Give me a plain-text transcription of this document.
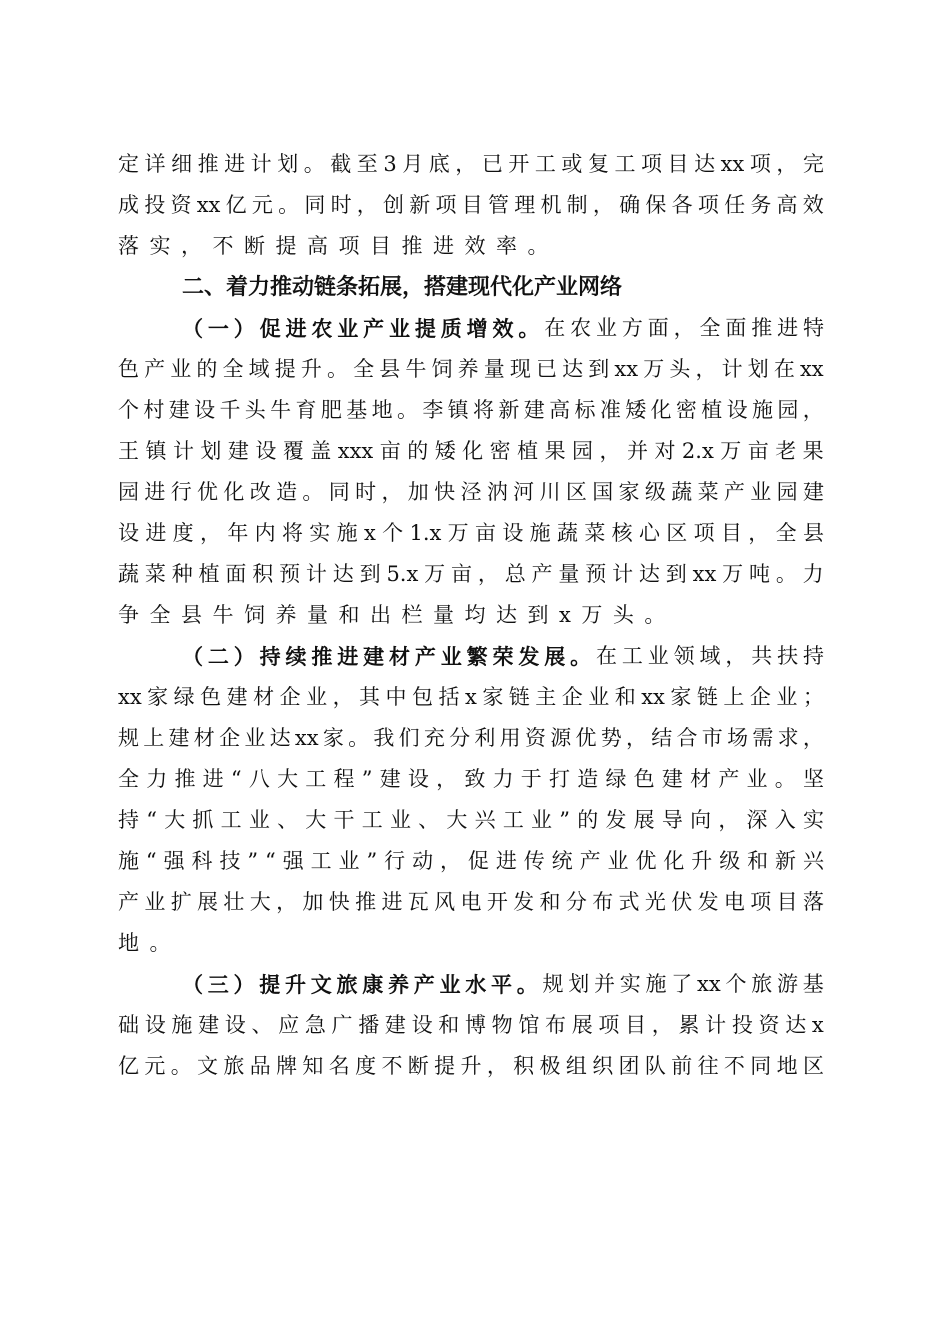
定 详 细 推 进 计 划 。 截 至 3 月 底 ， 已 开 工 或 复 工 项 目 达 xx 项 ， 完
成 投 资 xx 亿 元 。 同 时 ， 创 新 项 目 管 理 机 制 ， 确 保 各 项 任 务 高 效
落实，不断提高项目推进效率。
二、着力推动链条拓展，搭建现代化产业网络
（ 一 ） 促 进 农 业 产 业 提 质 增 效 。 在 农 业 方 面 ， 全 面 推 进 特
色 产 业 的 全 域 提 升 。 全 县 牛 饲 养 量 现 已 达 到 xx 万 头 ， 计 划 在 xx
个 村 建 设 千 头 牛 育 肥 基 地 。 李 镇 将 新 建 高 标 准 矮 化 密 植 设 施 园 ，
王 镇 计 划 建 设 覆 盖 xxx 亩 的 矮 化 密 植 果 园 ， 并 对 2.x 万 亩 老 果
园 进 行 优 化 改 造 。 同 时 ， 加 快 泾 汭 河 川 区 国 家 级 蔬 菜 产 业 园 建
设 进 度 ， 年 内 将 实 施 x 个 1.x 万 亩 设 施 蔬 菜 核 心 区 项 目 ， 全 县
蔬 菜 种 植 面 积 预 计 达 到 5.x 万 亩 ， 总 产 量 预 计 达 到 xx 万 吨 。 力
争全县牛饲养量和出栏量均达到x万头。
（ 二 ） 持 续 推 进 建 材 产 业 繁 荣 发 展 。 在 工 业 领 域 ， 共 扶 持
xx 家 绿 色 建 材 企 业 ， 其 中 包 括 x 家 链 主 企 业 和 xx 家 链 上 企 业 ；
规 上 建 材 企 业 达 xx 家 。 我 们 充 分 利 用 资 源 优 势 ， 结 合 市 场 需 求 ，
全 力 推 进 “ 八 大 工 程 ” 建 设 ， 致 力 于 打 造 绿 色 建 材 产 业 。 坚
持 “ 大 抓 工 业 、 大 干 工 业 、 大 兴 工 业 ” 的 发 展 导 向 ， 深 入 实
施 “ 强 科 技 ” “ 强 工 业 ” 行 动 ， 促 进 传 统 产 业 优 化 升 级 和 新 兴
产 业 扩 展 壮 大 ， 加 快 推 进 瓦 风 电 开 发 和 分 布 式 光 伏 发 电 项 目 落
地。
（ 三 ） 提 升 文 旅 康 养 产 业 水 平 。 规 划 并 实 施 了 xx 个 旅 游 基
础 设 施 建 设 、 应 急 广 播 建 设 和 博 物 馆 布 展 项 目 ， 累 计 投 资 达 x
亿 元 。 文 旅 品 牌 知 名 度 不 断 提 升 ， 积 极 组 织 团 队 前 往 不 同 地 区
